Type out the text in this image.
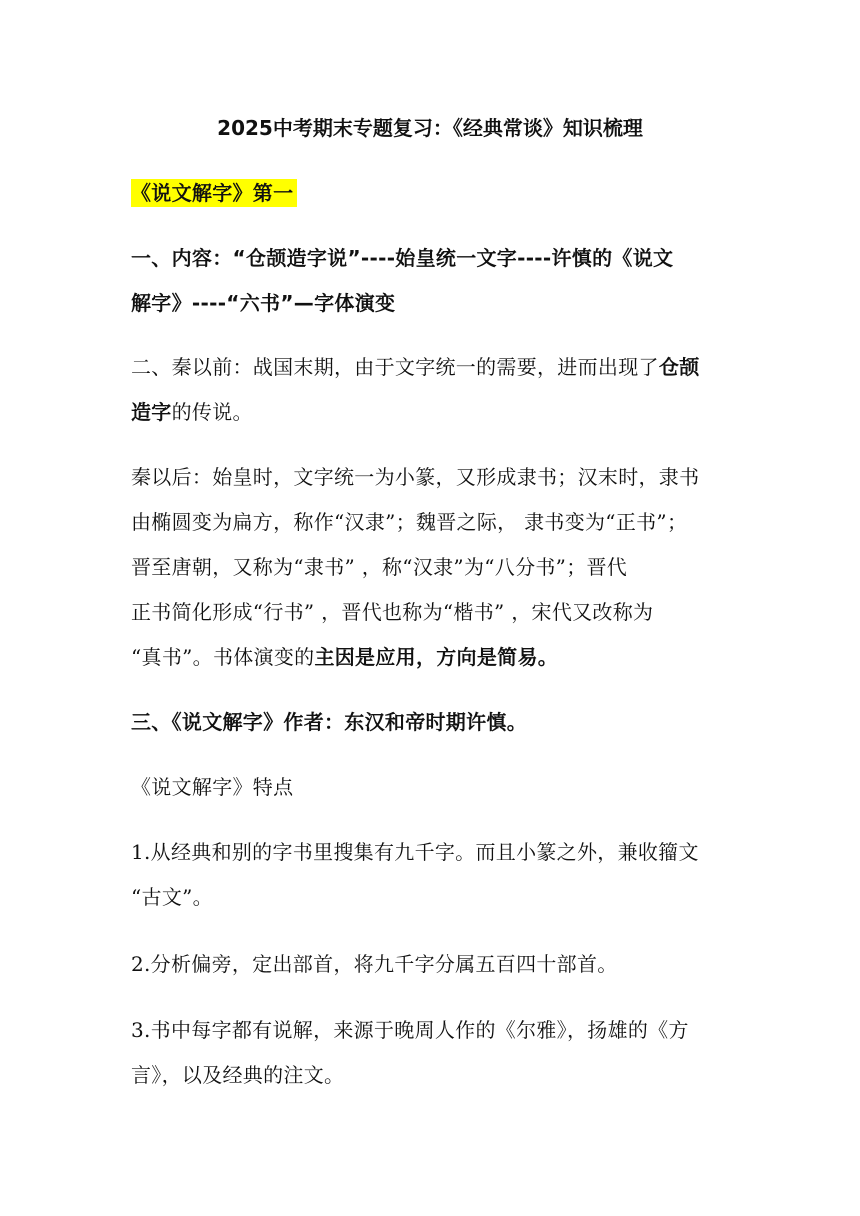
2025中考期末专题复习：《经典常谈》知识梳理
《说文解字》第一
一、内容：“仓颉造字说”----始皇统一文字----许慎的《说文
解字》----“六书”—字体演变
二、秦以前：战国末期，由于文字统一的需要，进而出现了仓颉
造字的传说。
秦以后：始皇时，文字统一为小篆，又形成隶书；汉末时，隶书
由椭圆变为扁方，称作“汉隶”；魏晋之际， 隶书变为“正书”；
晋至唐朝，又称为“隶书” ，称“汉隶”为“八分书”；晋代
正书简化形成“行书” ，晋代也称为“楷书” ，宋代又改称为
“真书”。书体演变的主因是应用，方向是简易。
三、《说文解字》作者：东汉和帝时期许慎。
《说文解字》特点
1.从经典和别的字书里搜集有九千字。而且小篆之外，兼收籀文
“古文”。
2.分析偏旁，定出部首，将九千字分属五百四十部首。
3.书中每字都有说解，来源于晚周人作的《尔雅》，扬雄的《方
言》，以及经典的注文。
